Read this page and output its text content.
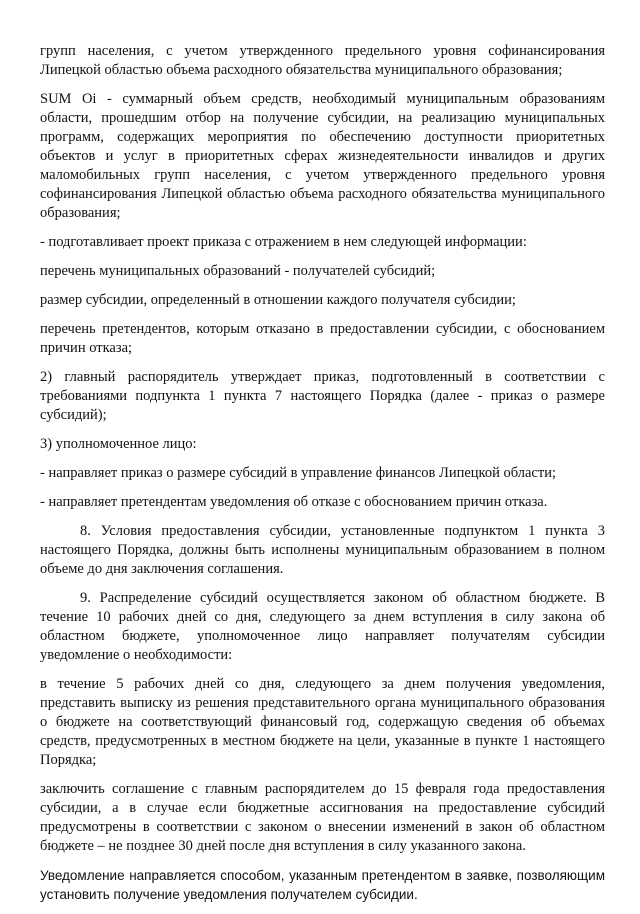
групп населения, с учетом утвержденного предельного уровня софинансирования Липецкой областью объема расходного обязательства муниципального образования;

SUM Oi - суммарный объем средств, необходимый муниципальным образованиям области, прошедшим отбор на получение субсидии, на реализацию муниципальных программ, содержащих мероприятия по обеспечению доступности приоритетных объектов и услуг в приоритетных сферах жизнедеятельности инвалидов и других маломобильных групп населения, с учетом утвержденного предельного уровня софинансирования Липецкой областью объема расходного обязательства муниципального образования;

- подготавливает проект приказа с отражением в нем следующей информации:

перечень муниципальных образований - получателей субсидий;

размер субсидии, определенный в отношении каждого получателя субсидии;

перечень претендентов, которым отказано в предоставлении субсидии, с обоснованием причин отказа;

2) главный распорядитель утверждает приказ, подготовленный в соответствии с требованиями подпункта 1 пункта 7 настоящего Порядка (далее - приказ о размере субсидий);

3) уполномоченное лицо:

- направляет приказ о размере субсидий в управление финансов Липецкой области;

- направляет претендентам уведомления об отказе с обоснованием причин отказа.

8. Условия предоставления субсидии, установленные подпунктом 1 пункта 3 настоящего Порядка, должны быть исполнены муниципальным образованием в полном объеме до дня заключения соглашения.

9. Распределение субсидий осуществляется законом об областном бюджете. В течение 10 рабочих дней со дня, следующего за днем вступления в силу закона об областном бюджете, уполномоченное лицо направляет получателям субсидии уведомление о необходимости:

в течение 5 рабочих дней со дня, следующего за днем получения уведомления, представить выписку из решения представительного органа муниципального образования о бюджете на соответствующий финансовый год, содержащую сведения об объемах средств, предусмотренных в местном бюджете на цели, указанные в пункте 1 настоящего Порядка;

заключить соглашение с главным распорядителем до 15 февраля года предоставления субсидии, а в случае если бюджетные ассигнования на предоставление субсидий предусмотрены в соответствии с законом о внесении изменений в закон об областном бюджете – не позднее 30 дней после дня вступления в силу указанного закона.

Уведомление направляется способом, указанным претендентом в заявке, позволяющим установить получение уведомления получателем субсидии.
